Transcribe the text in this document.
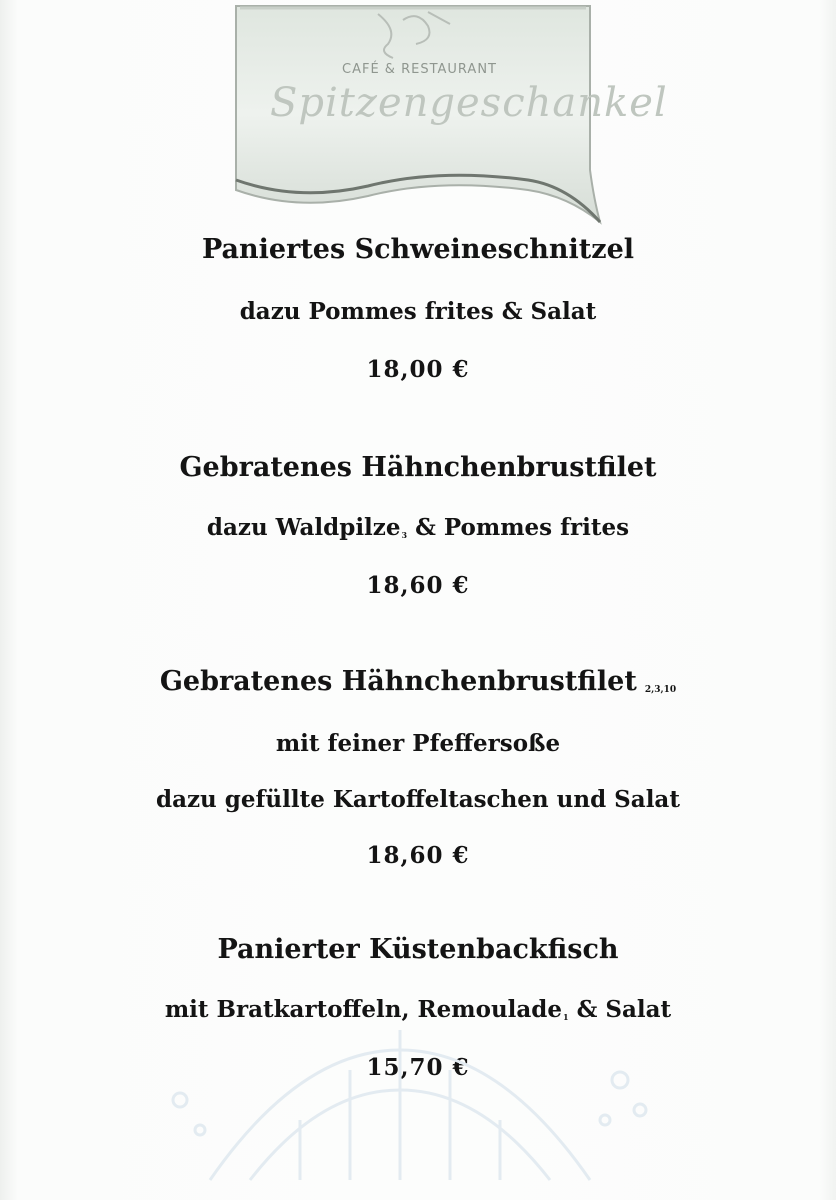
CAFÉ & RESTAURANT
Spitzengeschankel
Paniertes Schweineschnitzel
dazu Pommes frites & Salat
18,00 €
Gebratenes Hähnchenbrustfilet
dazu Waldpilze3 & Pommes frites
18,60 €
Gebratenes Hähnchenbrustfilet 2,3,10
mit feiner Pfeffersoße
dazu gefüllte Kartoffeltaschen und Salat
18,60 €
Panierter Küstenbackfisch
mit Bratkartoffeln, Remoulade1 & Salat
15,70 €
